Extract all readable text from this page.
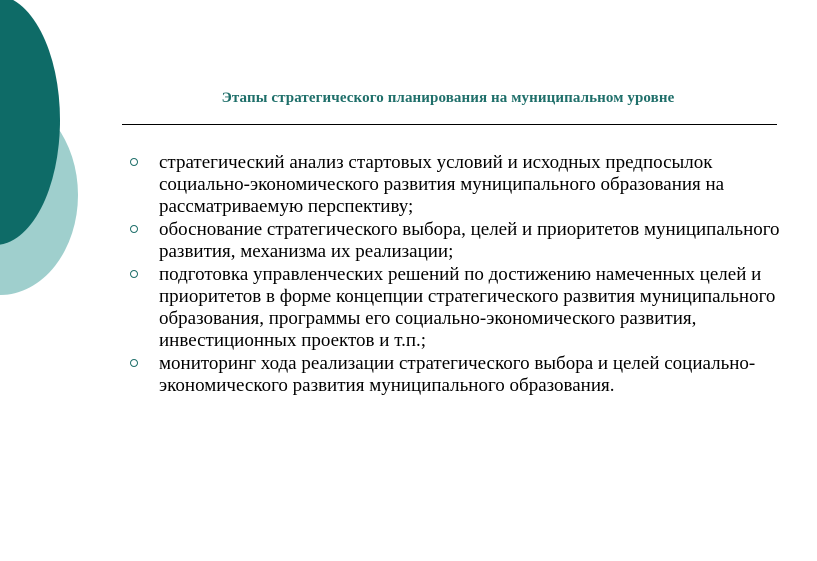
Этапы стратегического планирования на муниципальном уровне
стратегический анализ стартовых условий и исходных предпосылок социально-экономического развития муниципального образования на рассматриваемую перспективу;
обоснование стратегического выбора, целей и приоритетов муниципального развития, механизма их реализации;
подготовка управленческих решений по достижению намеченных целей и приоритетов в форме концепции стратегического развития муниципального образования, программы его социально-экономического развития, инвестиционных проектов и т.п.;
мониторинг хода реализации стратегического выбора и целей социально-экономического развития муниципального образования.
